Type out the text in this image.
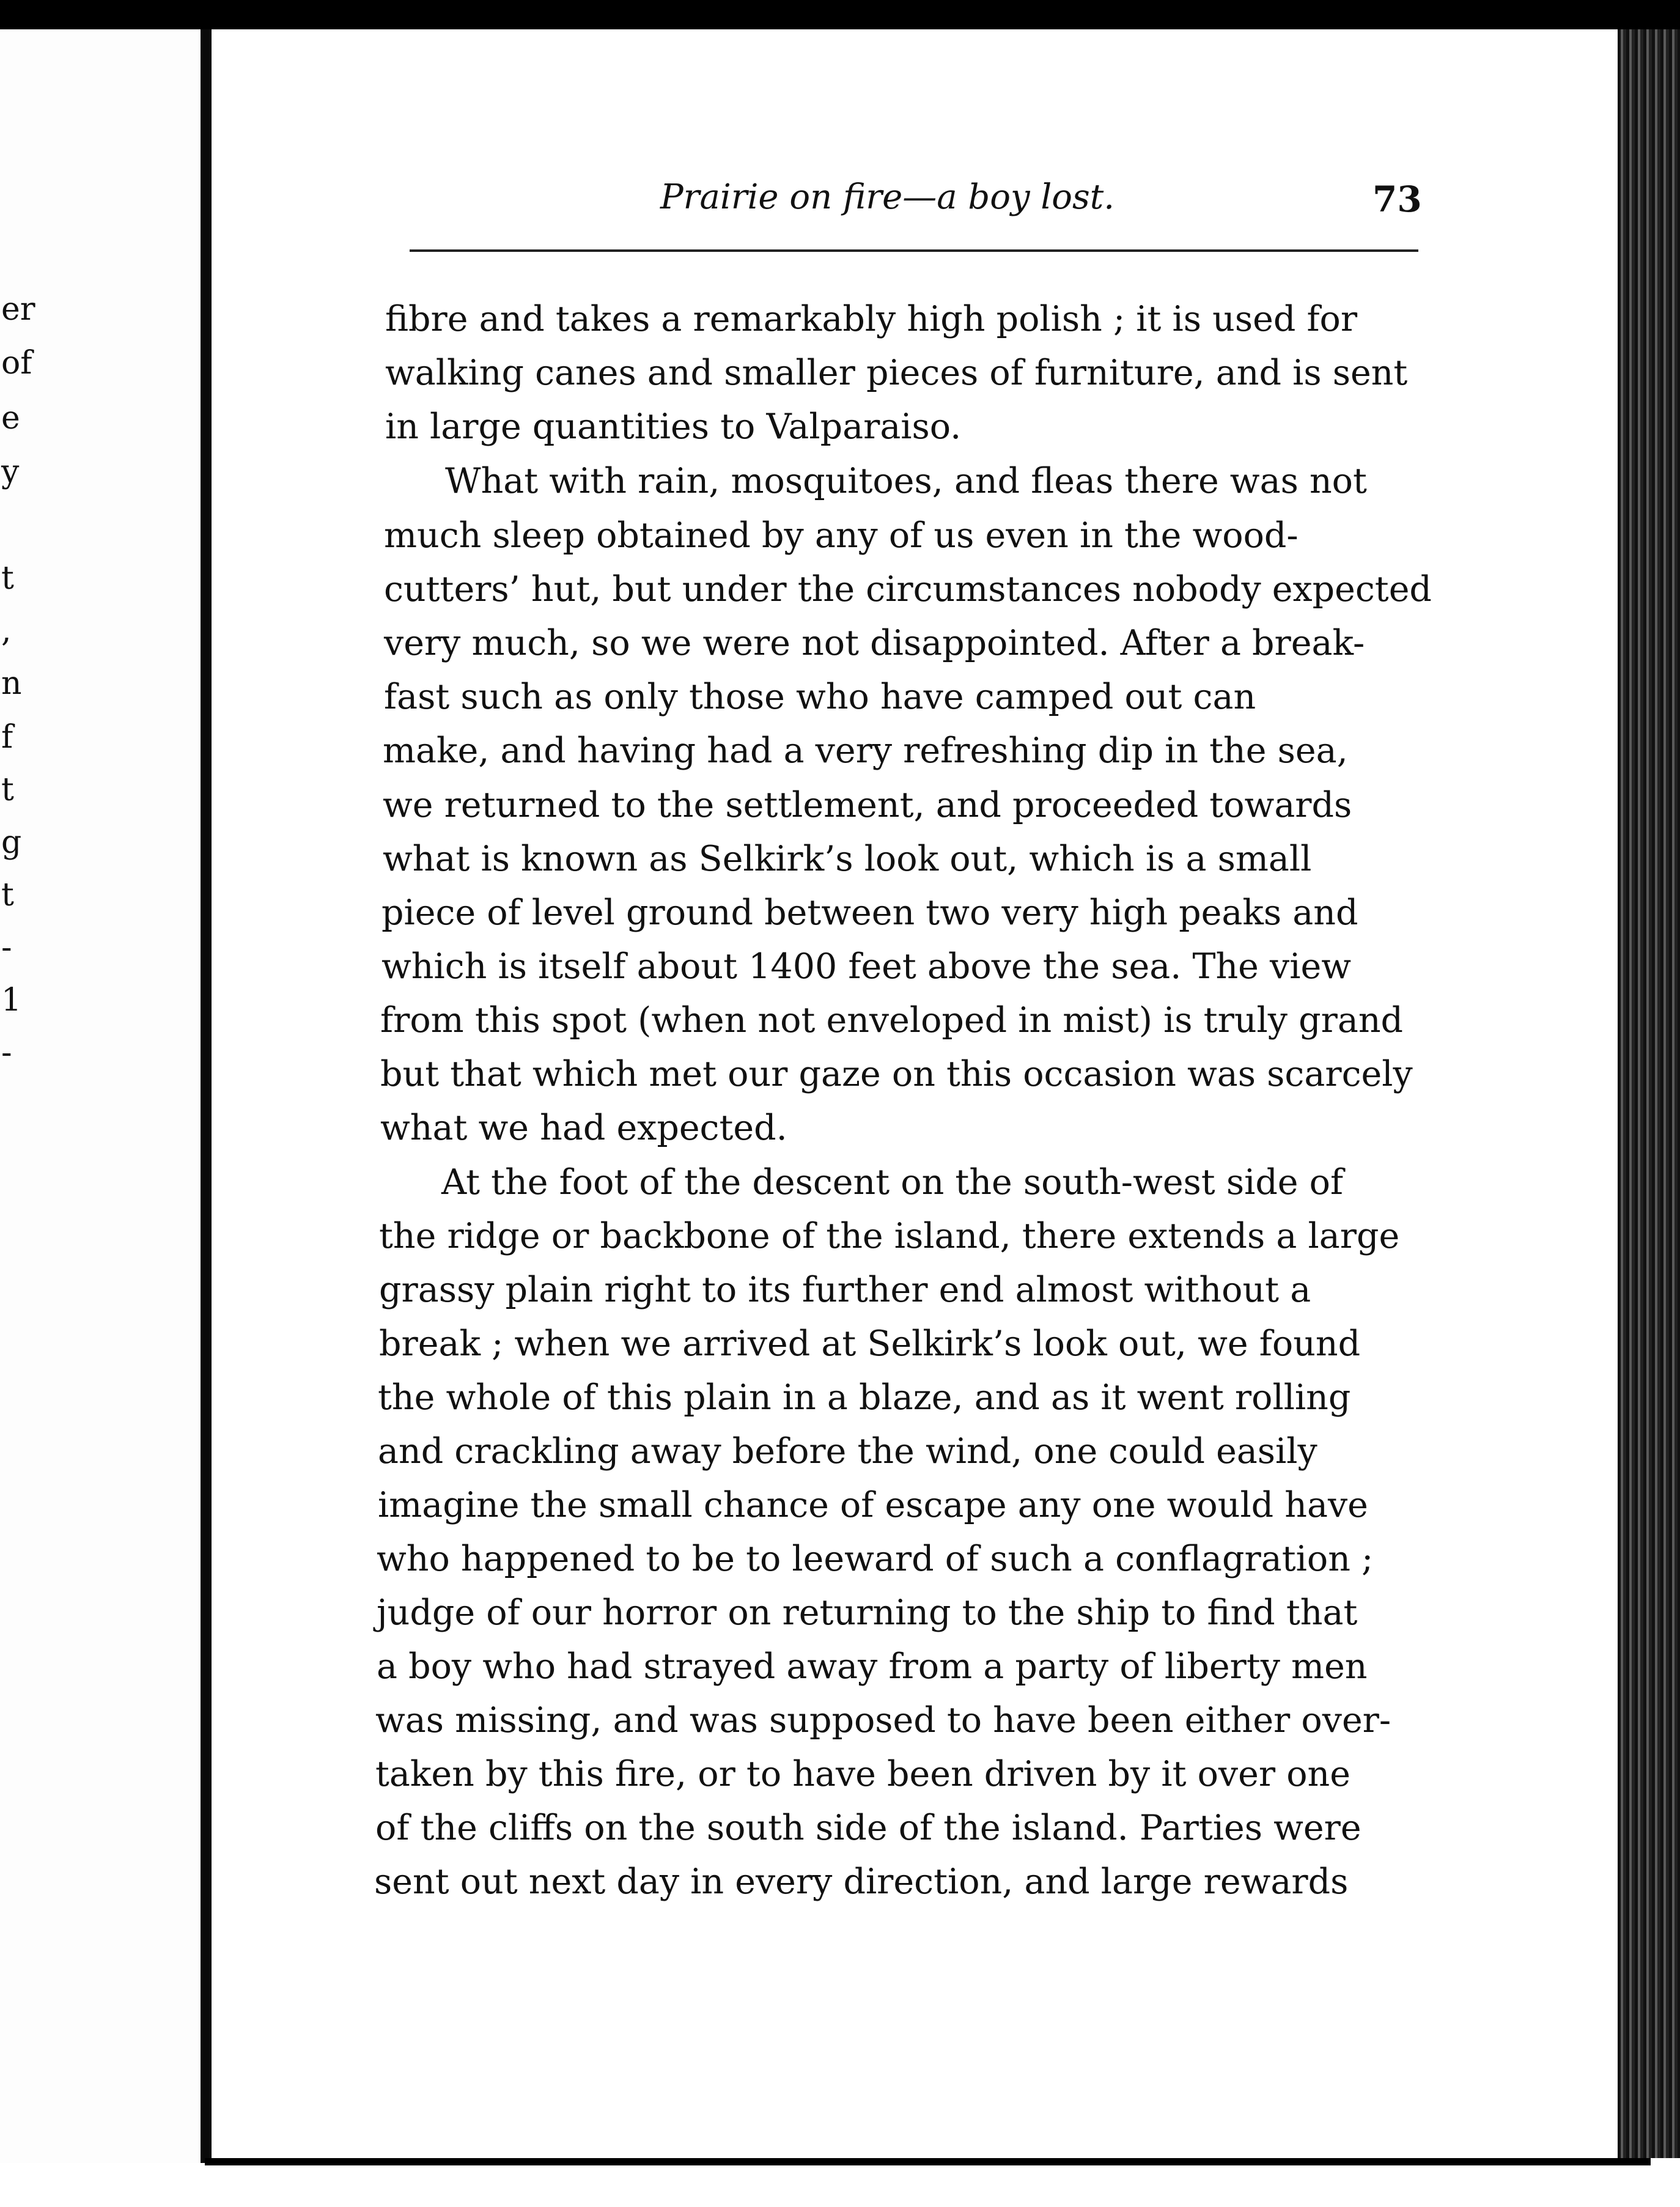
er
of
e
y
t
,
n
f
t
g
t
-
1
-
Prairie on fire—a boy lost.	73
fibre and takes a remarkably high polish ; it is used for
walking canes and smaller pieces of furniture, and is sent
in large quantities to Valparaiso.
What with rain, mosquitoes, and fleas there was not
much sleep obtained by any of us even in the wood-
cutters’ hut, but under the circumstances nobody expected
very much, so we were not disappointed. After a break-
fast such as only those who have camped out can
make, and having had a very refreshing dip in the sea,
we returned to the settlement, and proceeded towards
what is known as Selkirk’s look out, which is a small
piece of level ground between two very high peaks and
which is itself about 1400 feet above the sea. The view
from this spot (when not enveloped in mist) is truly grand
but that which met our gaze on this occasion was scarcely
what we had expected.
At the foot of the descent on the south-west side of
the ridge or backbone of the island, there extends a large
grassy plain right to its further end almost without a
break ; when we arrived at Selkirk’s look out, we found
the whole of this plain in a blaze, and as it went rolling
and crackling away before the wind, one could easily
imagine the small chance of escape any one would have
who happened to be to leeward of such a conflagration ;
judge of our horror on returning to the ship to find that
a boy who had strayed away from a party of liberty men
was missing, and was supposed to have been either over-
taken by this fire, or to have been driven by it over one
of the cliffs on the south side of the island. Parties were
sent out next day in every direction, and large rewards
